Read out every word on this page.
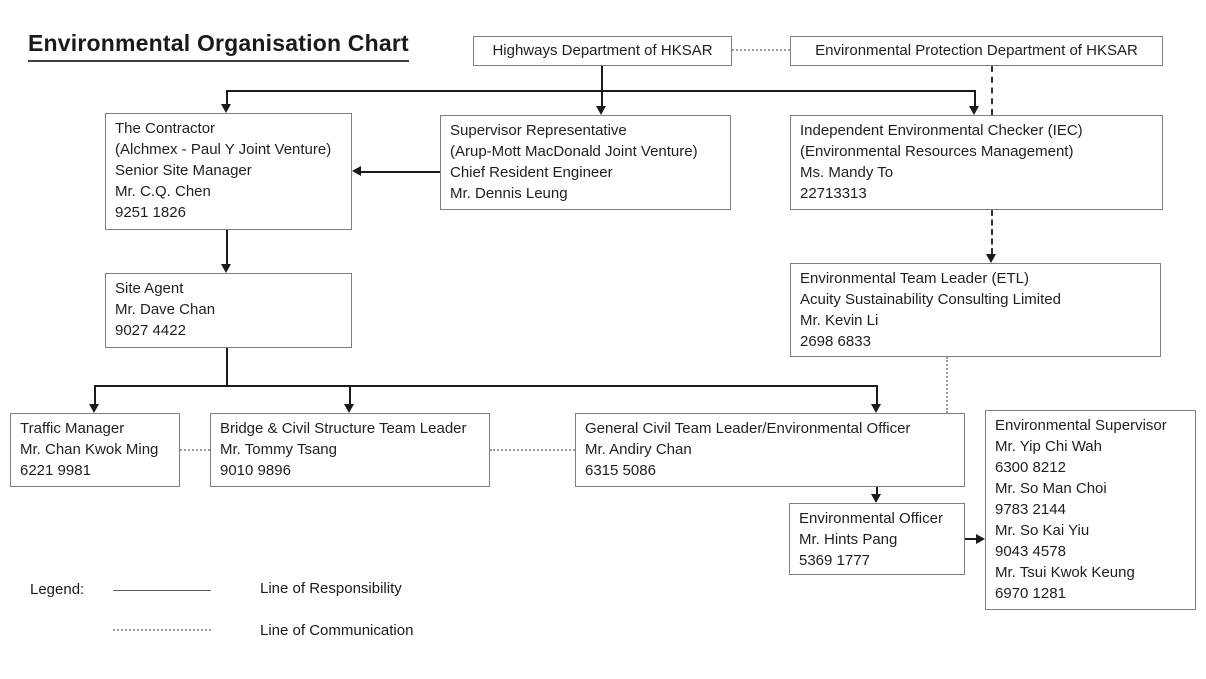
Environmental Organisation Chart	Highways Department of HKSAR	Environmental Protection Department of HKSAR
The Contractor
(Alchmex - Paul Y Joint Venture)
Senior Site Manager
Mr. C.Q. Chen
9251 1826
Supervisor Representative
(Arup-Mott MacDonald Joint Venture)
Chief Resident Engineer
Mr. Dennis Leung
Independent Environmental Checker (IEC)
(Environmental Resources Management)
Ms. Mandy To
22713313
Site Agent
Mr. Dave Chan
9027 4422
Environmental Team Leader (ETL)
Acuity Sustainability Consulting Limited
Mr. Kevin Li
2698 6833
Traffic Manager
Mr. Chan Kwok Ming
6221 9981
Bridge & Civil Structure Team Leader
Mr. Tommy Tsang
9010 9896
General Civil Team Leader/Environmental Officer
Mr. Andiry Chan
6315 5086
Environmental Officer
Mr. Hints Pang
5369 1777
Environmental Supervisor
Mr. Yip Chi Wah
6300 8212
Mr. So Man Choi
9783 2144
Mr. So Kai Yiu
9043 4578
Mr. Tsui Kwok Keung
6970 1281
Legend:	Line of Responsibility
Line of Communication
